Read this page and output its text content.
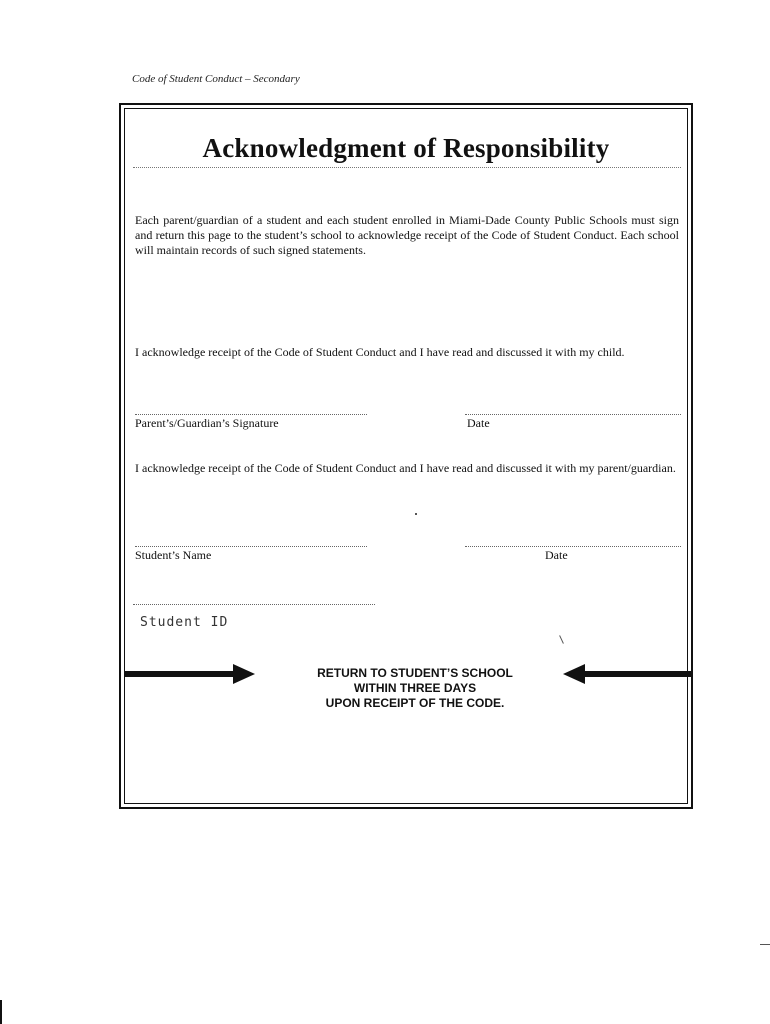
Code of Student Conduct – Secondary
Acknowledgment of Responsibility
Each parent/guardian of a student and each student enrolled in Miami-Dade County Public Schools must sign and return this page to the student’s school to acknowledge receipt of the Code of Student Conduct. Each school will maintain records of such signed statements.
I acknowledge receipt of the Code of Student Conduct and I have read and discussed it with my child.
Parent’s/Guardian’s Signature	Date
I acknowledge receipt of the Code of Student Conduct and I have read and discussed it with my parent/guardian.
Student’s Name	Date
Student ID
RETURN TO STUDENT’S SCHOOL
WITHIN THREE DAYS
UPON RECEIPT OF THE CODE.
